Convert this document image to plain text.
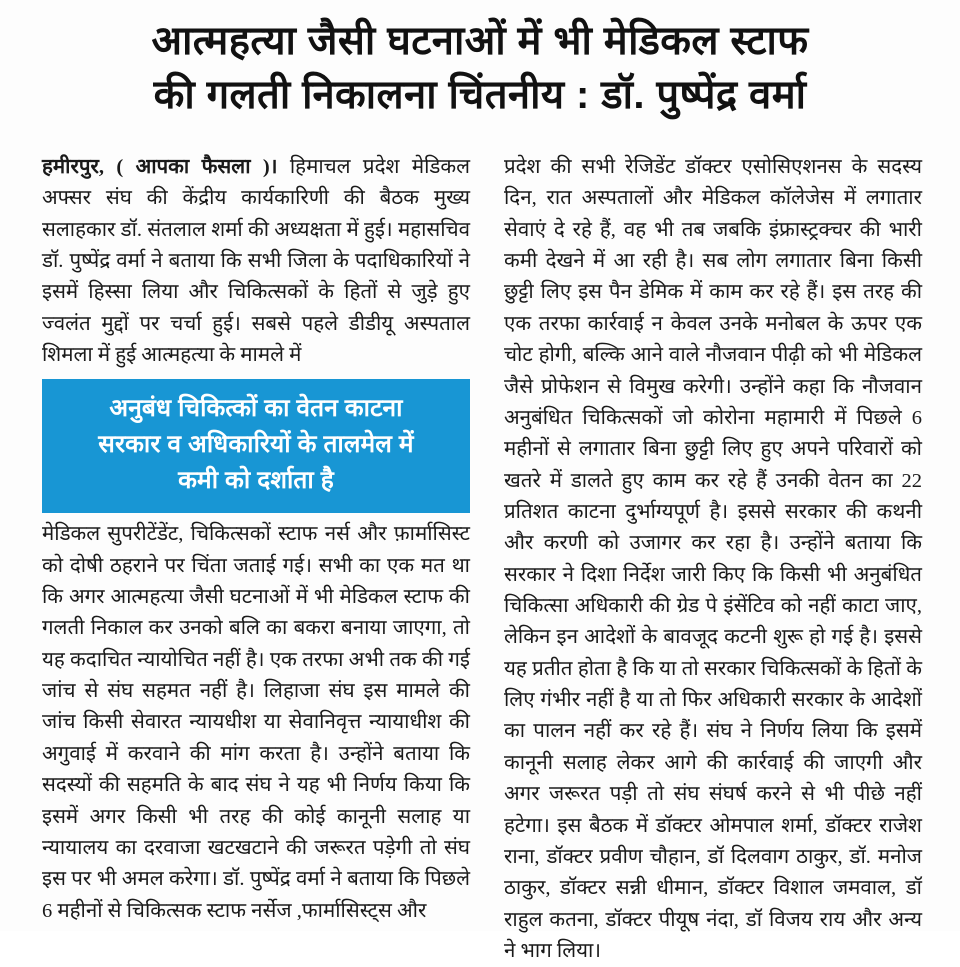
आत्महत्या जैसी घटनाओं में भी मेडिकल स्टाफ
की गलती निकालना चिंतनीय : डॉ. पुष्पेंद्र वर्मा

हमीरपुर, ( आपका फैसला )। हिमाचल प्रदेश मेडिकल अफ्सर संघ की केंद्रीय कार्यकारिणी की बैठक मुख्य सलाहकार डॉ. संतलाल शर्मा की अध्यक्षता में हुई। महासचिव डॉ. पुष्पेंद्र वर्मा ने बताया कि सभी जिला के पदाधिकारियों ने इसमें हिस्सा लिया और चिकित्सकों के हितों से जुड़े हुए ज्वलंत मुद्दों पर चर्चा हुई। सबसे पहले डीडीयू अस्पताल शिमला में हुई आत्महत्या के मामले में

अनुबंध चिकित्कों का वेतन काटना
सरकार व अधिकारियों के तालमेल में
कमी को दर्शाता है

मेडिकल सुपरीटेंडेंट, चिकित्सकों स्टाफ नर्स और फ़ार्मासिस्ट को दोषी ठहराने पर चिंता जताई गई। सभी का एक मत था कि अगर आत्महत्या जैसी घटनाओं में भी मेडिकल स्टाफ की गलती निकाल कर उनको बलि का बकरा बनाया जाएगा, तो यह कदाचित न्यायोचित नहीं है। एक तरफा अभी तक की गई जांच से संघ सहमत नहीं है। लिहाजा संघ इस मामले की जांच किसी सेवारत न्यायधीश या सेवानिवृत्त न्यायाधीश की अगुवाई में करवाने की मांग करता है। उन्होंने बताया कि सदस्यों की सहमति के बाद संघ ने यह भी निर्णय किया कि इसमें अगर किसी भी तरह की कोई कानूनी सलाह या न्यायालय का दरवाजा खटखटाने की जरूरत पड़ेगी तो संघ इस पर भी अमल करेगा। डॉ. पुष्पेंद्र वर्मा ने बताया कि पिछले 6 महीनों से चिकित्सक स्टाफ नर्सेज ,फार्मासिस्ट्स और

प्रदेश की सभी रेजिडेंट डॉक्टर एसोसिएशनस के सदस्य दिन, रात अस्पतालों और मेडिकल कॉलेजेस में लगातार सेवाएं दे रहे हैं, वह भी तब जबकि इंफ्रास्ट्रक्चर की भारी कमी देखने में आ रही है। सब लोग लगातार बिना किसी छुट्टी लिए इस पैन डेमिक में काम कर रहे हैं। इस तरह की एक तरफा कार्रवाई न केवल उनके मनोबल के ऊपर एक चोट होगी, बल्कि आने वाले नौजवान पीढ़ी को भी मेडिकल जैसे प्रोफेशन से विमुख करेगी। उन्होंने कहा कि नौजवान अनुबंधित चिकित्सकों जो कोरोना महामारी में पिछले 6 महीनों से लगातार बिना छुट्टी लिए हुए अपने परिवारों को खतरे में डालते हुए काम कर रहे हैं उनकी वेतन का 22 प्रतिशत काटना दुर्भाग्यपूर्ण है। इससे सरकार की कथनी और करणी को उजागर कर रहा है। उन्होंने बताया कि सरकार ने दिशा निर्देश जारी किए कि किसी भी अनुबंधित चिकित्सा अधिकारी की ग्रेड पे इंसेंटिव को नहीं काटा जाए, लेकिन इन आदेशों के बावजूद कटनी शुरू हो गई है। इससे यह प्रतीत होता है कि या तो सरकार चिकित्सकों के हितों के लिए गंभीर नहीं है या तो फिर अधिकारी सरकार के आदेशों का पालन नहीं कर रहे हैं। संघ ने निर्णय लिया कि इसमें कानूनी सलाह लेकर आगे की कार्रवाई की जाएगी और अगर जरूरत पड़ी तो संघ संघर्ष करने से भी पीछे नहीं हटेगा। इस बैठक में डॉक्टर ओमपाल शर्मा, डॉक्टर राजेश राना, डॉक्टर प्रवीण चौहान, डॉ दिलवाग ठाकुर, डॉ. मनोज ठाकुर, डॉक्टर सन्नी धीमान, डॉक्टर विशाल जमवाल, डॉ राहुल कतना, डॉक्टर पीयूष नंदा, डॉ विजय राय और अन्य ने भाग लिया।
